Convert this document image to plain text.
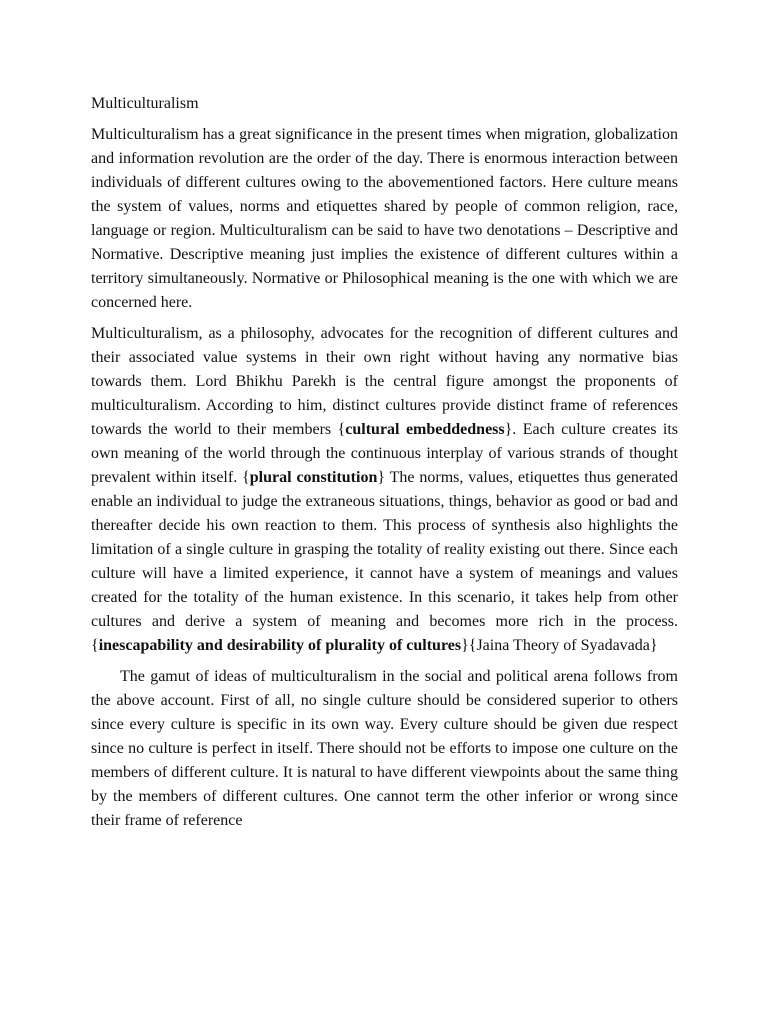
Multiculturalism

Multiculturalism has a great significance in the present times when migration, globalization and information revolution are the order of the day. There is enormous interaction between individuals of different cultures owing to the abovementioned factors. Here culture means the system of values, norms and etiquettes shared by people of common religion, race, language or region. Multiculturalism can be said to have two denotations – Descriptive and Normative. Descriptive meaning just implies the existence of different cultures within a territory simultaneously. Normative or Philosophical meaning is the one with which we are concerned here.

Multiculturalism, as a philosophy, advocates for the recognition of different cultures and their associated value systems in their own right without having any normative bias towards them. Lord Bhikhu Parekh is the central figure amongst the proponents of multiculturalism. According to him, distinct cultures provide distinct frame of references towards the world to their members {cultural embeddedness}. Each culture creates its own meaning of the world through the continuous interplay of various strands of thought prevalent within itself. {plural constitution} The norms, values, etiquettes thus generated enable an individual to judge the extraneous situations, things, behavior as good or bad and thereafter decide his own reaction to them. This process of synthesis also highlights the limitation of a single culture in grasping the totality of reality existing out there. Since each culture will have a limited experience, it cannot have a system of meanings and values created for the totality of the human existence. In this scenario, it takes help from other cultures and derive a system of meaning and becomes more rich in the process.{inescapability and desirability of plurality of cultures}{Jaina Theory of Syadavada}

The gamut of ideas of multiculturalism in the social and political arena follows from the above account. First of all, no single culture should be considered superior to others since every culture is specific in its own way. Every culture should be given due respect since no culture is perfect in itself. There should not be efforts to impose one culture on the members of different culture. It is natural to have different viewpoints about the same thing by the members of different cultures. One cannot term the other inferior or wrong since their frame of reference
